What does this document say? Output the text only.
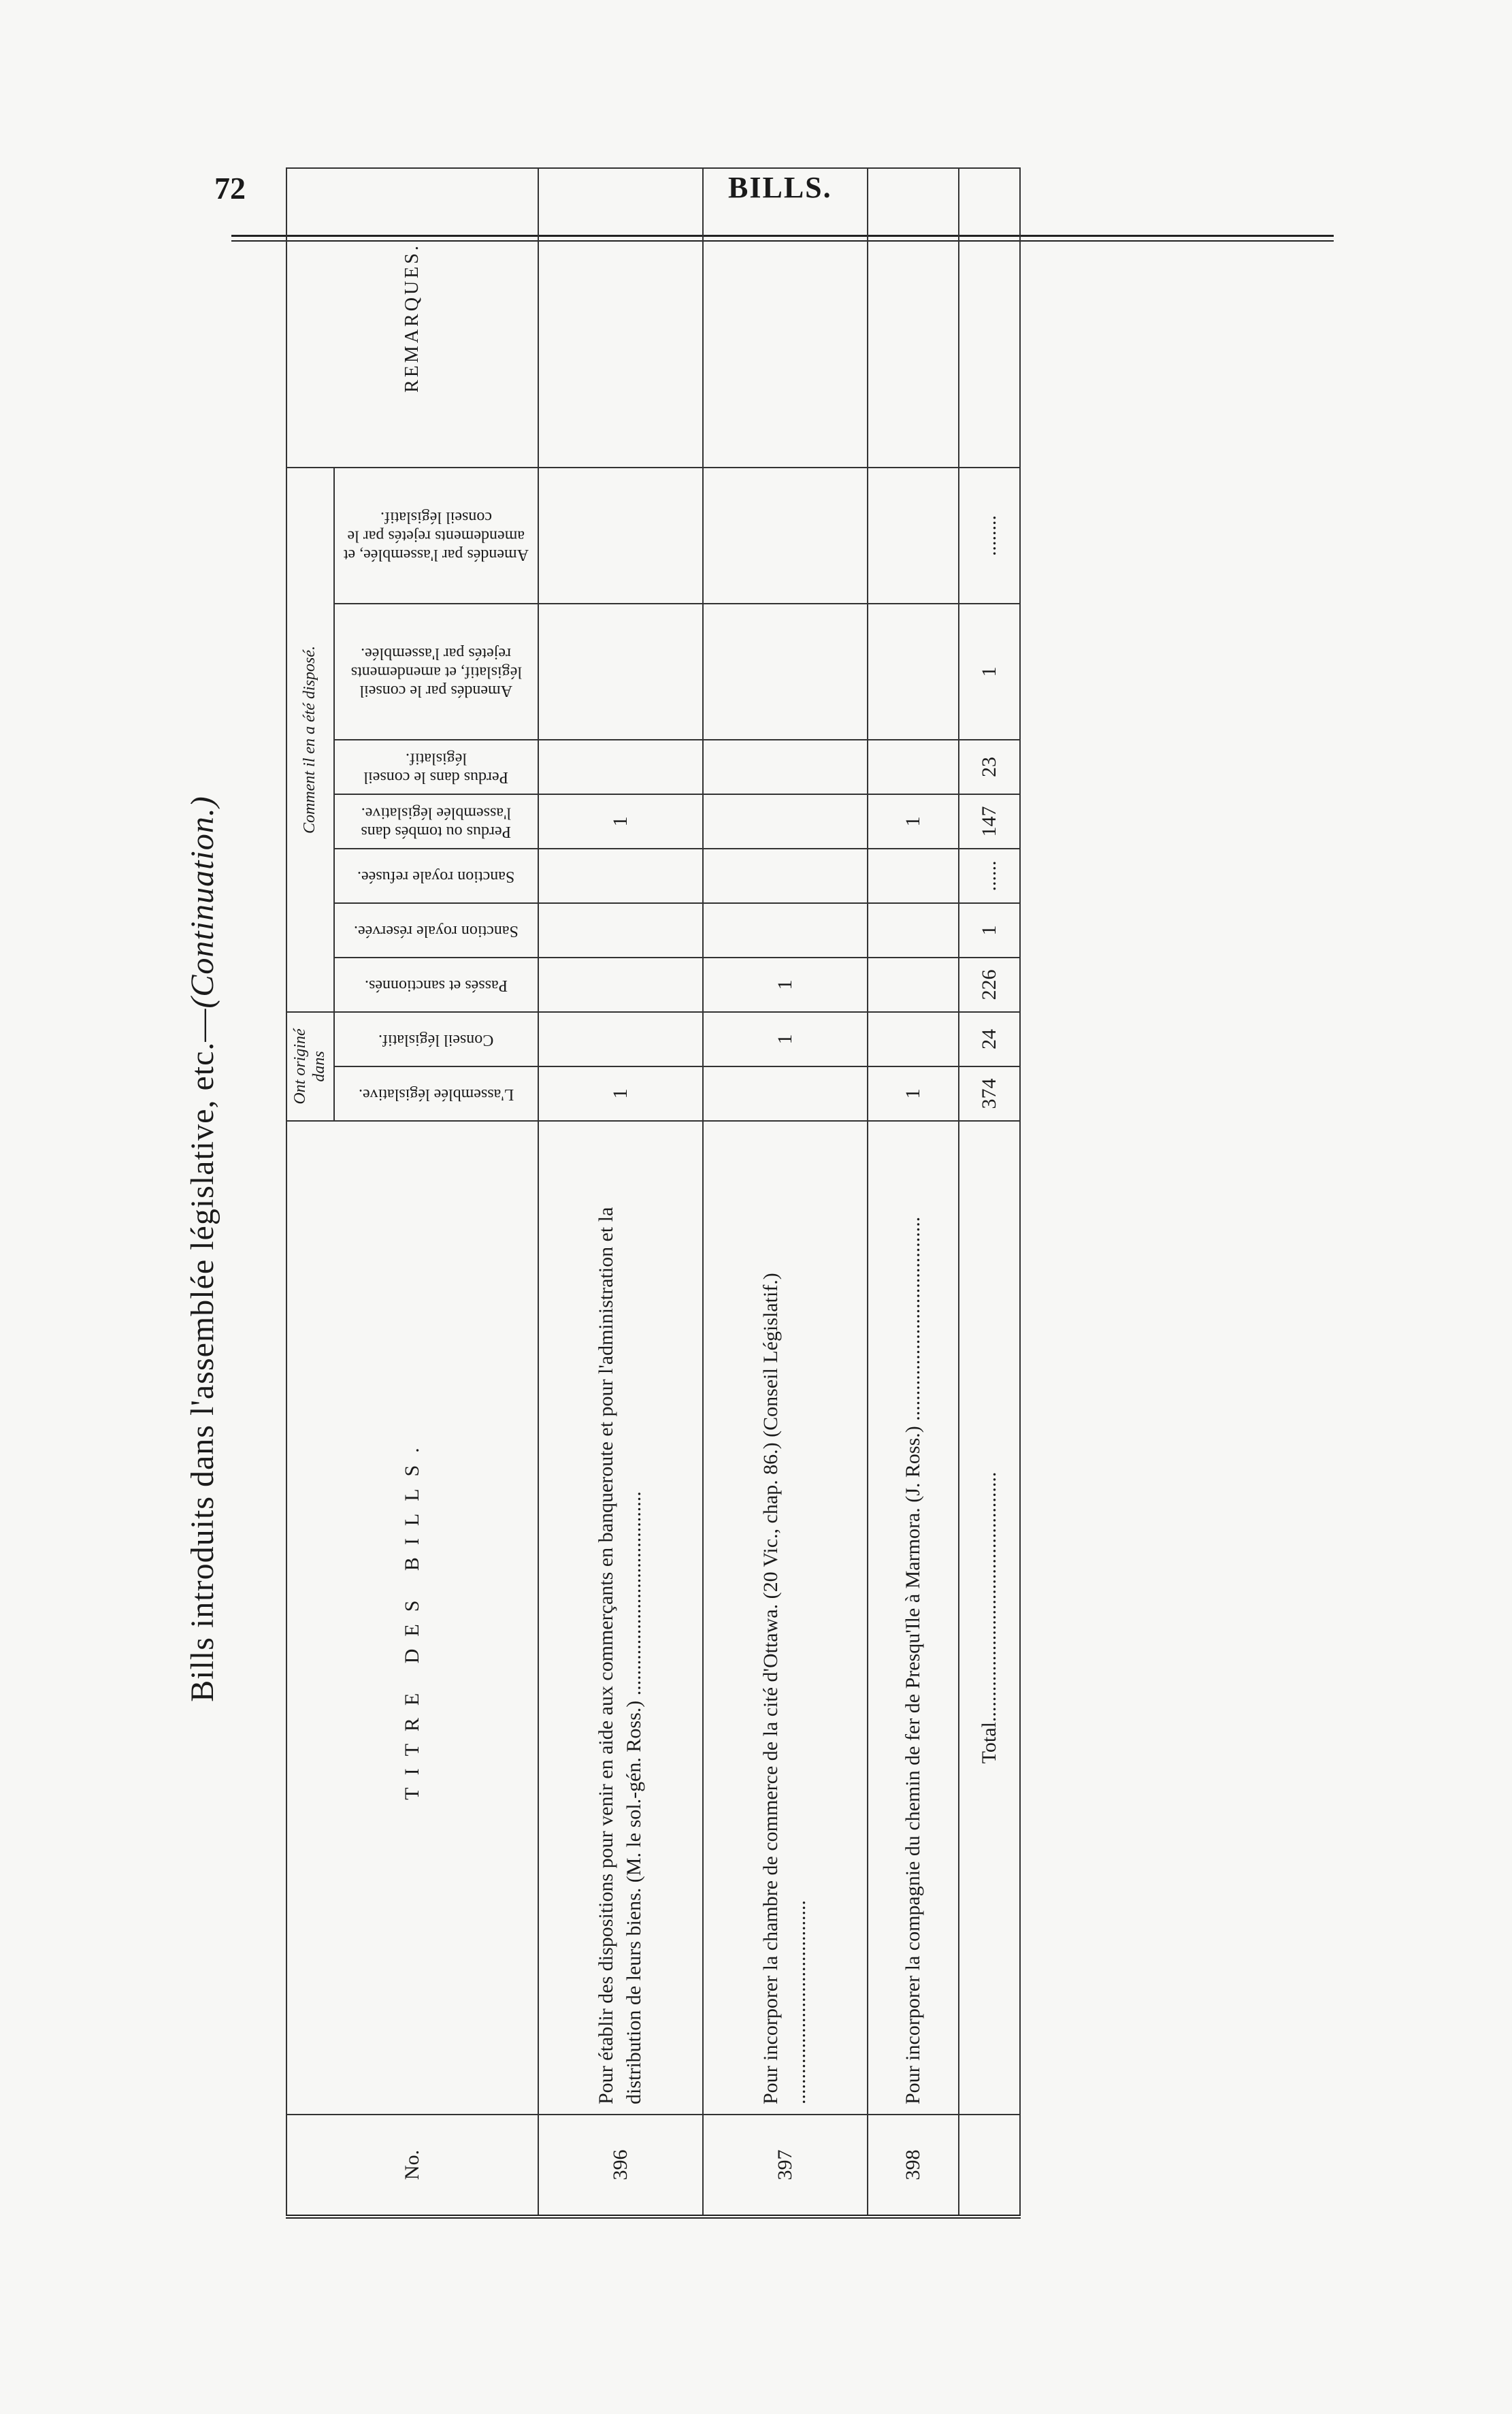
72	BILLS.
Bills introduits dans l'assemblée législative, etc.—(Continuation.)
No.	TITRE DES BILLS.	Ont originé dans		Comment il en a été disposé.							REMARQUES.

		L'assemblée législative.	Conseil législatif.	Passés et sanctionnés.	Sanction royale réservée.	Sanction royale refusée.	Perdus ou tombés dans l'assemblée législative.	Perdus dans le conseil législatif.	Amendés par le conseil législatif, et amendements rejetés par l'assemblée.	Amendés par l'assemblée, et amendements rejetés par le conseil législatif.	

396	Pour établir des dispositions pour venir en aide aux commerçants en banqueroute et pour l'administration et la distribution de leurs biens. (M. le sol.-gén. Ross.) ........................................	1					1				
397	Pour incorporer la chambre de commerce de la cité d'Ottawa. (20 Vic., chap. 86.) (Conseil Législatif.) ........................................		1	1							
398	Pour incorporer la compagnie du chemin de fer de Presqu'Ile à Marmora. (J. Ross.) ........................................	1					1				
	Total.................................................	374	24	226	1	......	147	23	1	........	
